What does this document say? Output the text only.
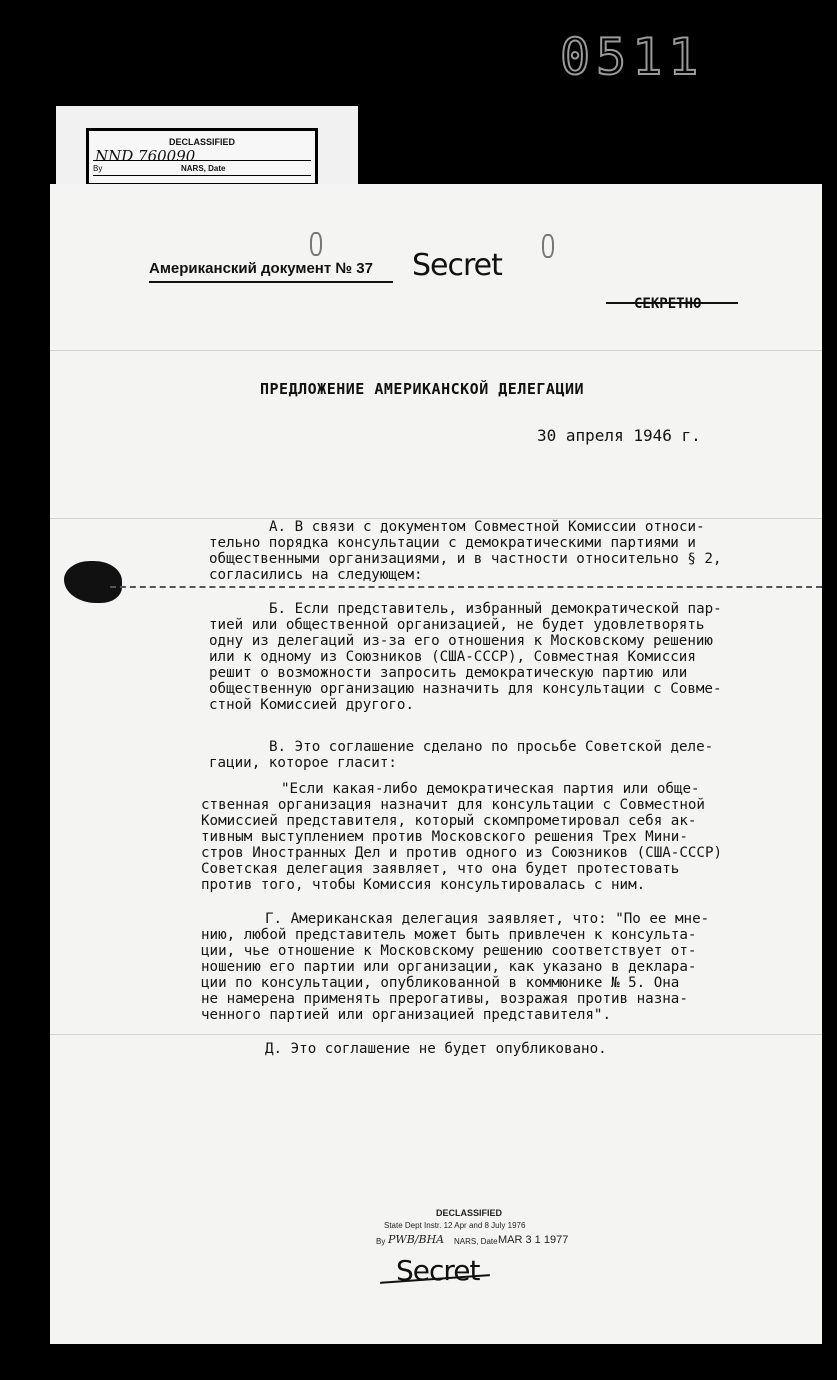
0511
DECLASSIFIED
NND 760090
By	NARS, Date
Американский документ № 37 Secret
СЕКРЕТНО
ПРЕДЛОЖЕНИЕ АМЕРИКАНСКОЙ ДЕЛЕГАЦИИ
30 апреля 1946 г.
А. В связи с документом Совместной Комиссии относи-
тельно порядка консультации с демократическими партиями и
общественными организациями, и в частности относительно § 2,
согласились на следующем:
Б. Если представитель, избранный демократической пар-
тией или общественной организацией, не будет удовлетворять
одну из делегаций из-за его отношения к Московскому решению
или к одному из Союзников (США-СССР), Совместная Комиссия
решит о возможности запросить демократическую партию или
общественную организацию назначить для консультации с Совме-
стной Комиссией другого.
В. Это соглашение сделано по просьбе Советской деле-
гации, которое гласит:
"Если какая-либо демократическая партия или обще-
ственная организация назначит для консультации с Совместной
Комиссией представителя, который скомпрометировал себя ак-
тивным выступлением против Московского решения Трех Мини-
стров Иностранных Дел и против одного из Союзников (США-СССР)
Советская делегация заявляет, что она будет протестовать
против того, чтобы Комиссия консультировалась с ним.
Г. Американская делегация заявляет, что: "По ее мне-
нию, любой представитель может быть привлечен к консульта-
ции, чье отношение к Московскому решению соответствует от-
ношению его партии или организации, как указано в деклара-
ции по консультации, опубликованной в коммюнике № 5. Она
не намерена применять прерогативы, возражая против назна-
ченного партией или организацией представителя".
Д. Это соглашение не будет опубликовано.
DECLASSIFIED
State Dept Instr. 12 Apr and 8 July 1976
By PWB/BHA NARS, Date MAR 3 1 1977
Secret
